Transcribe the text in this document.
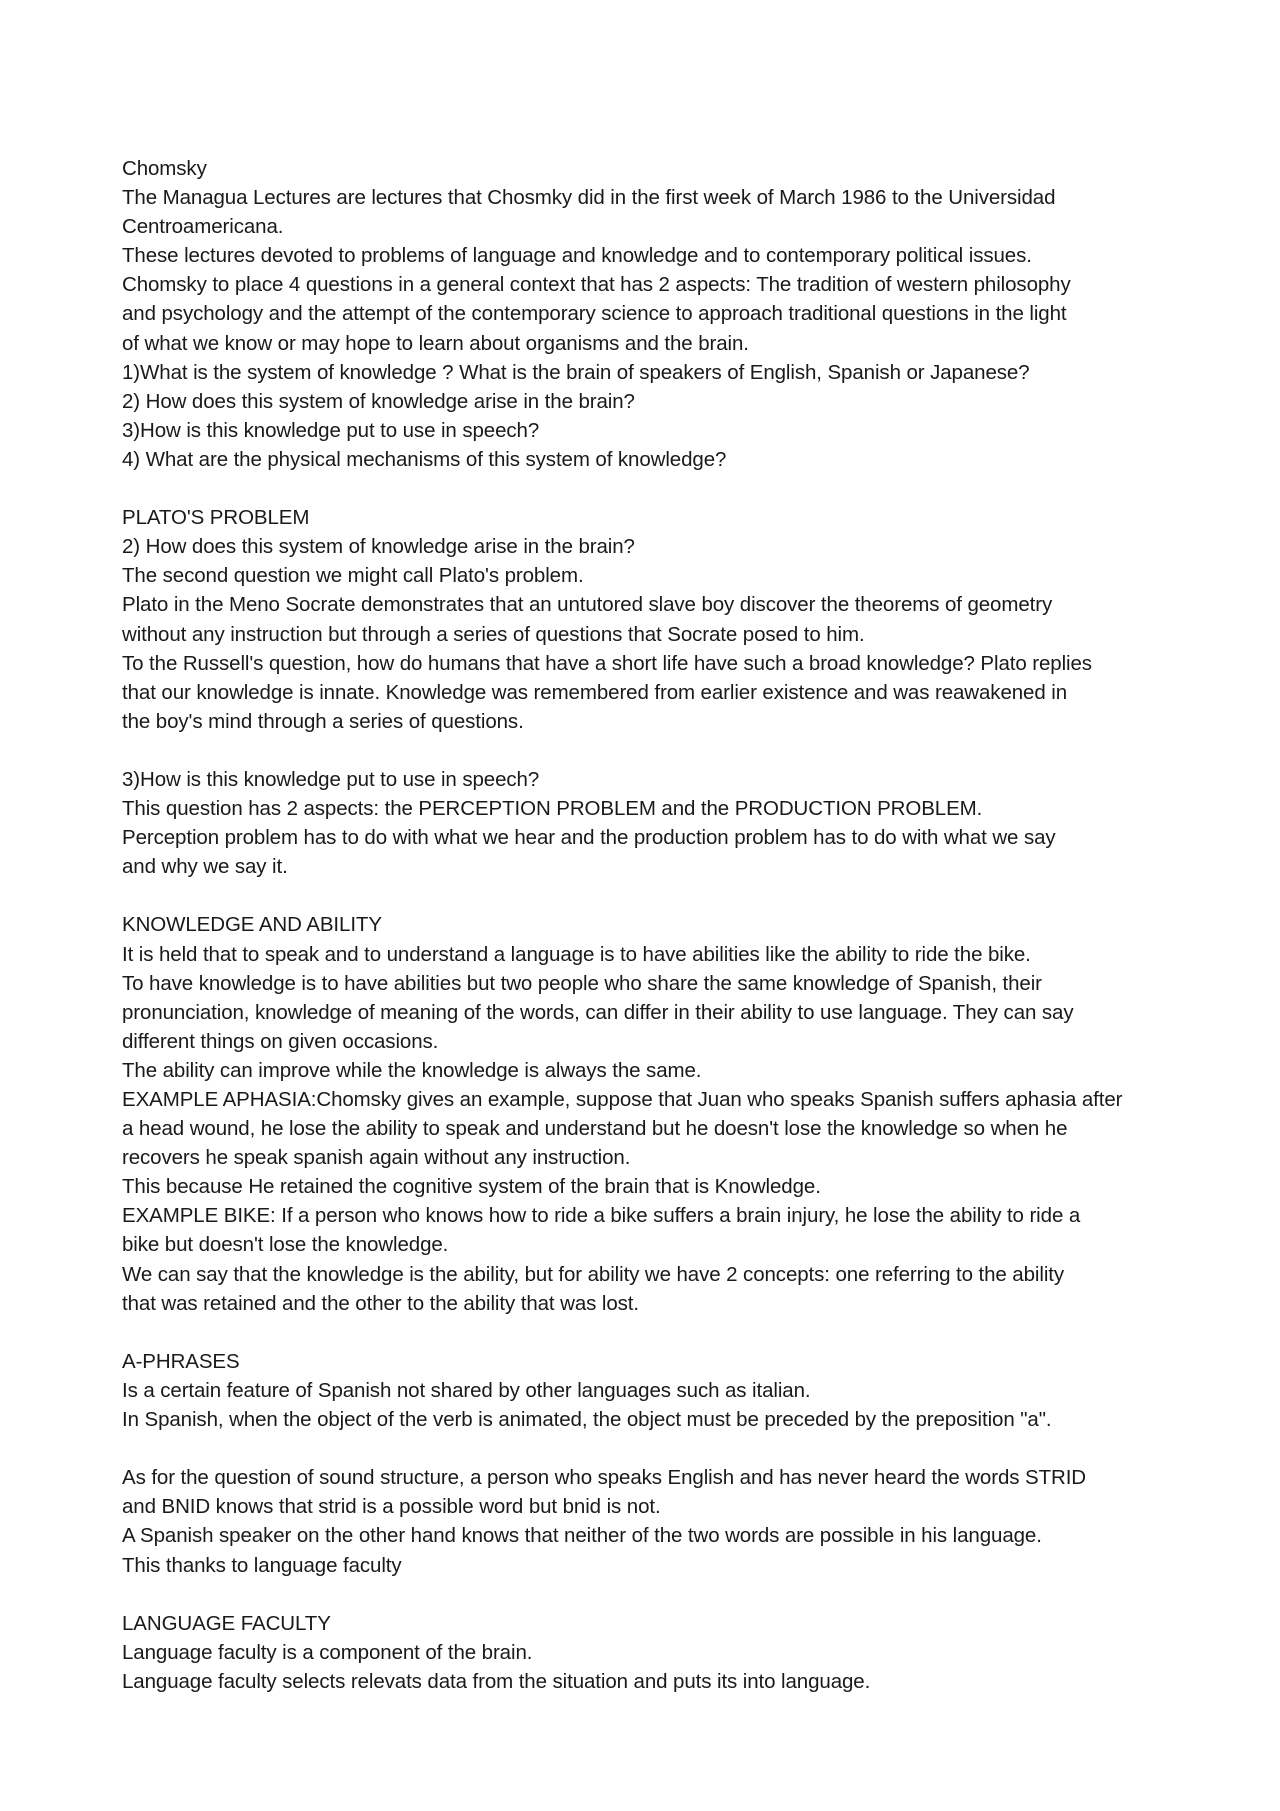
Chomsky
The Managua Lectures are lectures that Chosmky did in the first week of March 1986 to the Universidad
Centroamericana.
These lectures devoted to problems of language and knowledge and to contemporary political issues.
Chomsky to place 4 questions in a general context that has 2 aspects: The tradition of western philosophy
and psychology and the attempt of the contemporary science to approach traditional questions in the light
of what we know or may hope to learn about organisms and the brain.
1)What is the system of knowledge ? What is the brain of speakers of English, Spanish or Japanese?
2) How does this system of knowledge arise in the brain?
3)How is this knowledge put to use in speech?
4) What are the physical mechanisms of this system of knowledge?
PLATO'S PROBLEM
2) How does this system of knowledge arise in the brain?
The second question we might call Plato's problem.
Plato in the Meno Socrate demonstrates that an untutored slave boy discover the theorems of geometry
without any instruction but through a series of questions that Socrate posed to him.
To the Russell's question, how do humans that have a short life have such a broad knowledge? Plato replies
that our knowledge is innate. Knowledge was remembered from earlier existence and was reawakened in
the boy's mind through a series of questions.
3)How is this knowledge put to use in speech?
This question has 2 aspects: the PERCEPTION PROBLEM and the PRODUCTION PROBLEM.
Perception problem has to do with what we hear and the production problem has to do with what we say
and why we say it.
KNOWLEDGE AND ABILITY
It is held that to speak and to understand a language is to have abilities like the ability to ride the bike.
To have knowledge is to have abilities but two people who share the same knowledge of Spanish, their
pronunciation, knowledge of meaning of the words, can differ in their ability to use language. They can say
different things on given occasions.
The ability can improve while the knowledge is always the same.
EXAMPLE APHASIA:Chomsky gives an example, suppose that Juan who speaks Spanish suffers aphasia after
a head wound, he lose the ability to speak and understand but he doesn't lose the knowledge so when he
recovers he speak spanish again without any instruction.
This because He retained the cognitive system of the brain that is Knowledge.
EXAMPLE BIKE: If a person who knows how to ride a bike suffers a brain injury, he lose the ability to ride a
bike but doesn't lose the knowledge.
We can say that the knowledge is the ability, but for ability we have 2 concepts: one referring to the ability
that was retained and the other to the ability that was lost.
A-PHRASES
Is a certain feature of Spanish not shared by other languages such as italian.
In Spanish, when the object of the verb is animated, the object must be preceded by the preposition "a".
As for the question of sound structure, a person who speaks English and has never heard the words STRID
and BNID knows that strid is a possible word but bnid is not.
A Spanish speaker on the other hand knows that neither of the two words are possible in his language.
This thanks to language faculty
LANGUAGE FACULTY
Language faculty is a component of the brain.
Language faculty selects relevats data from the situation and puts its into language.
